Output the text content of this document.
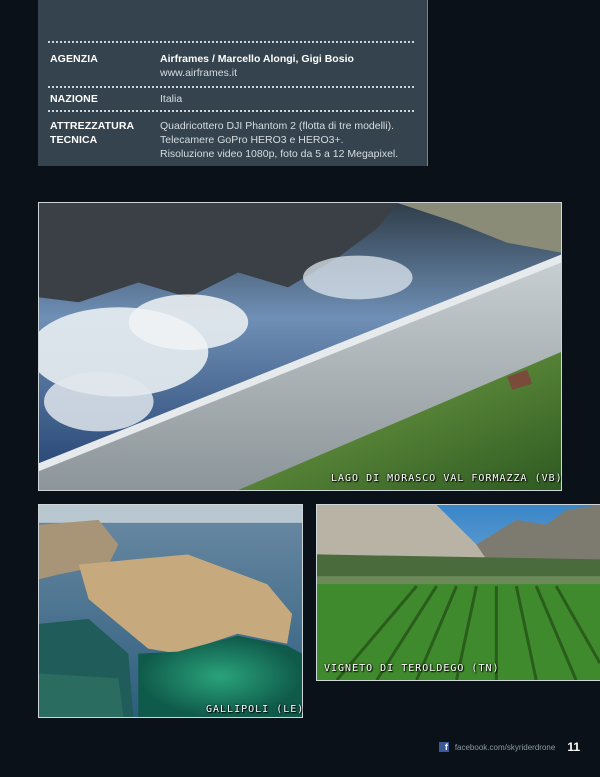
AGENZIA	Airframes / Marcello Alongi, Gigi Bosio
www.airframes.it
NAZIONE	Italia
ATTREZZATURA
TECNICA
Quadricottero DJI Phantom 2 (flotta di tre modelli).
Telecamere GoPro HERO3 e HERO3+.
Risoluzione video 1080p, foto da 5 a 12 Megapixel.
LAGO DI MORASCO VAL FORMAZZA (VB)
GALLIPOLI (LE)
VIGNETO DI TEROLDEGO (TN)
f facebook.com/skyriderdrone 11
